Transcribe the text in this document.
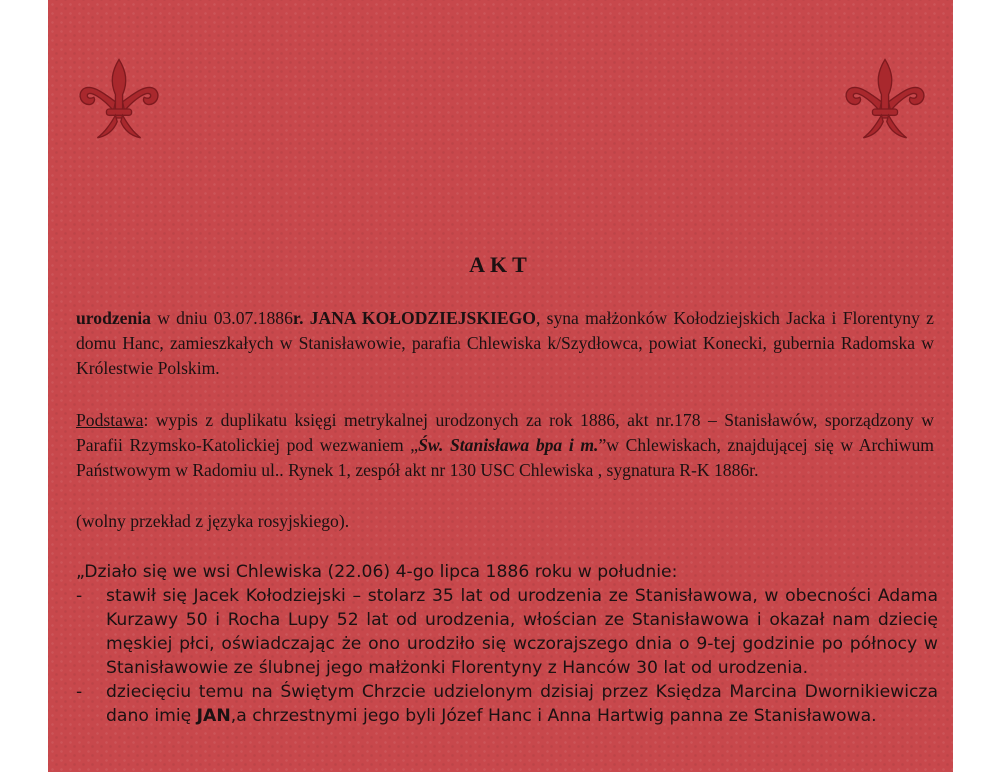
AKT
urodzenia w dniu 03.07.1886r. JANA KOŁODZIEJSKIEGO, syna małżonków Kołodziejskich Jacka i Florentyny z domu Hanc, zamieszkałych w Stanisławowie, parafia Chlewiska k/Szydłowca, powiat Konecki, gubernia Radomska w Królestwie Polskim.
Podstawa: wypis z duplikatu księgi metrykalnej urodzonych za rok 1886, akt nr.178 – Stanisławów, sporządzony w Parafii Rzymsko-Katolickiej pod wezwaniem „Św. Stanisława bpa i m.”w Chlewiskach, znajdującej się w Archiwum Państwowym w Radomiu ul.. Rynek 1, zespół akt nr 130 USC Chlewiska , sygnatura R-K 1886r.
(wolny przekład z języka rosyjskiego).
„Działo się we wsi Chlewiska (22.06) 4-go lipca 1886 roku w południe:
- stawił się Jacek Kołodziejski – stolarz 35 lat od urodzenia ze Stanisławowa, w obecności Adama Kurzawy 50 i Rocha Lupy 52 lat od urodzenia, włościan ze Stanisławowa i okazał nam dziecię męskiej płci, oświadczając że ono urodziło się wczorajszego dnia o 9-tej godzinie po północy w Stanisławowie ze ślubnej jego małżonki Florentyny z Hanców 30 lat od urodzenia.
- dziecięciu temu na Świętym Chrzcie udzielonym dzisiaj przez Księdza Marcina Dwornikiewicza dano imię JAN,a chrzestnymi jego byli Józef Hanc i Anna Hartwig panna ze Stanisławowa.
